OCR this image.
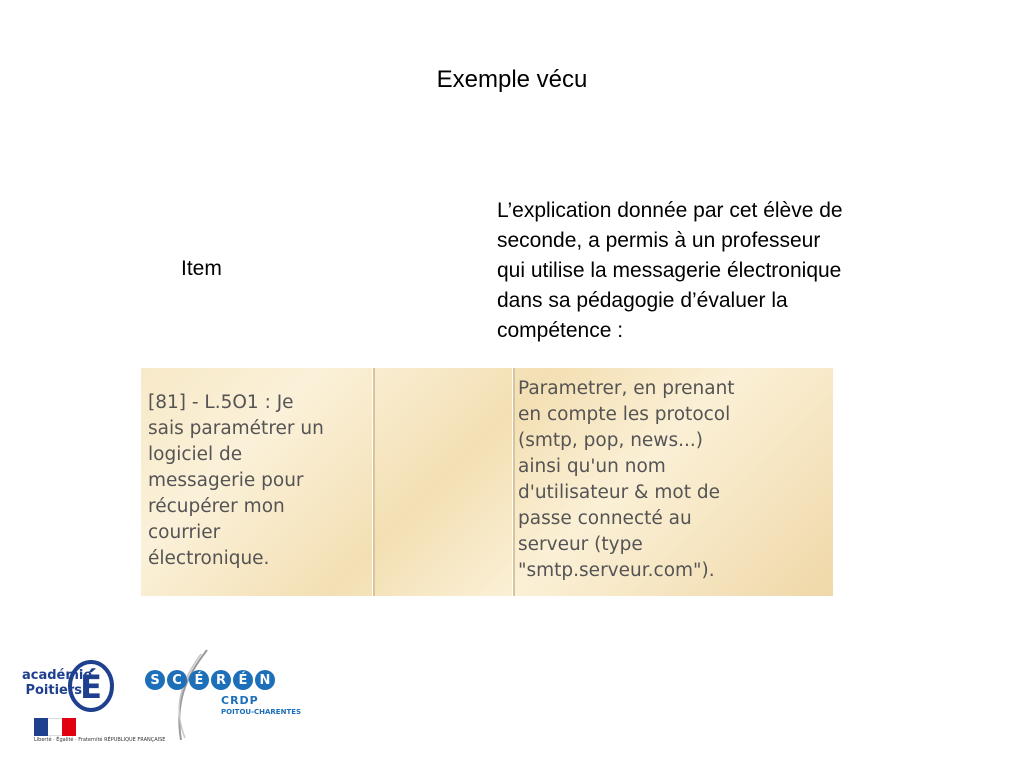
Exemple vécu
Item
L’explication donnée par cet élève de
seconde, a permis à un professeur
qui utilise la messagerie électronique
dans sa pédagogie d’évaluer la
compétence :
[81] - L.5O1 : Je
sais paramétrer un
logiciel de
messagerie pour
récupérer mon
courrier
électronique.
Parametrer, en prenant
en compte les protocol
(smtp, pop, news...)
ainsi qu'un nom
d'utilisateur & mot de
passe connecté au
serveur (type
"smtp.serveur.com").
académie
Poitiers
É
Liberté · Égalité · Fraternité RÉPUBLIQUE FRANÇAISE
S C É R É N
CRDP
POITOU-CHARENTES
